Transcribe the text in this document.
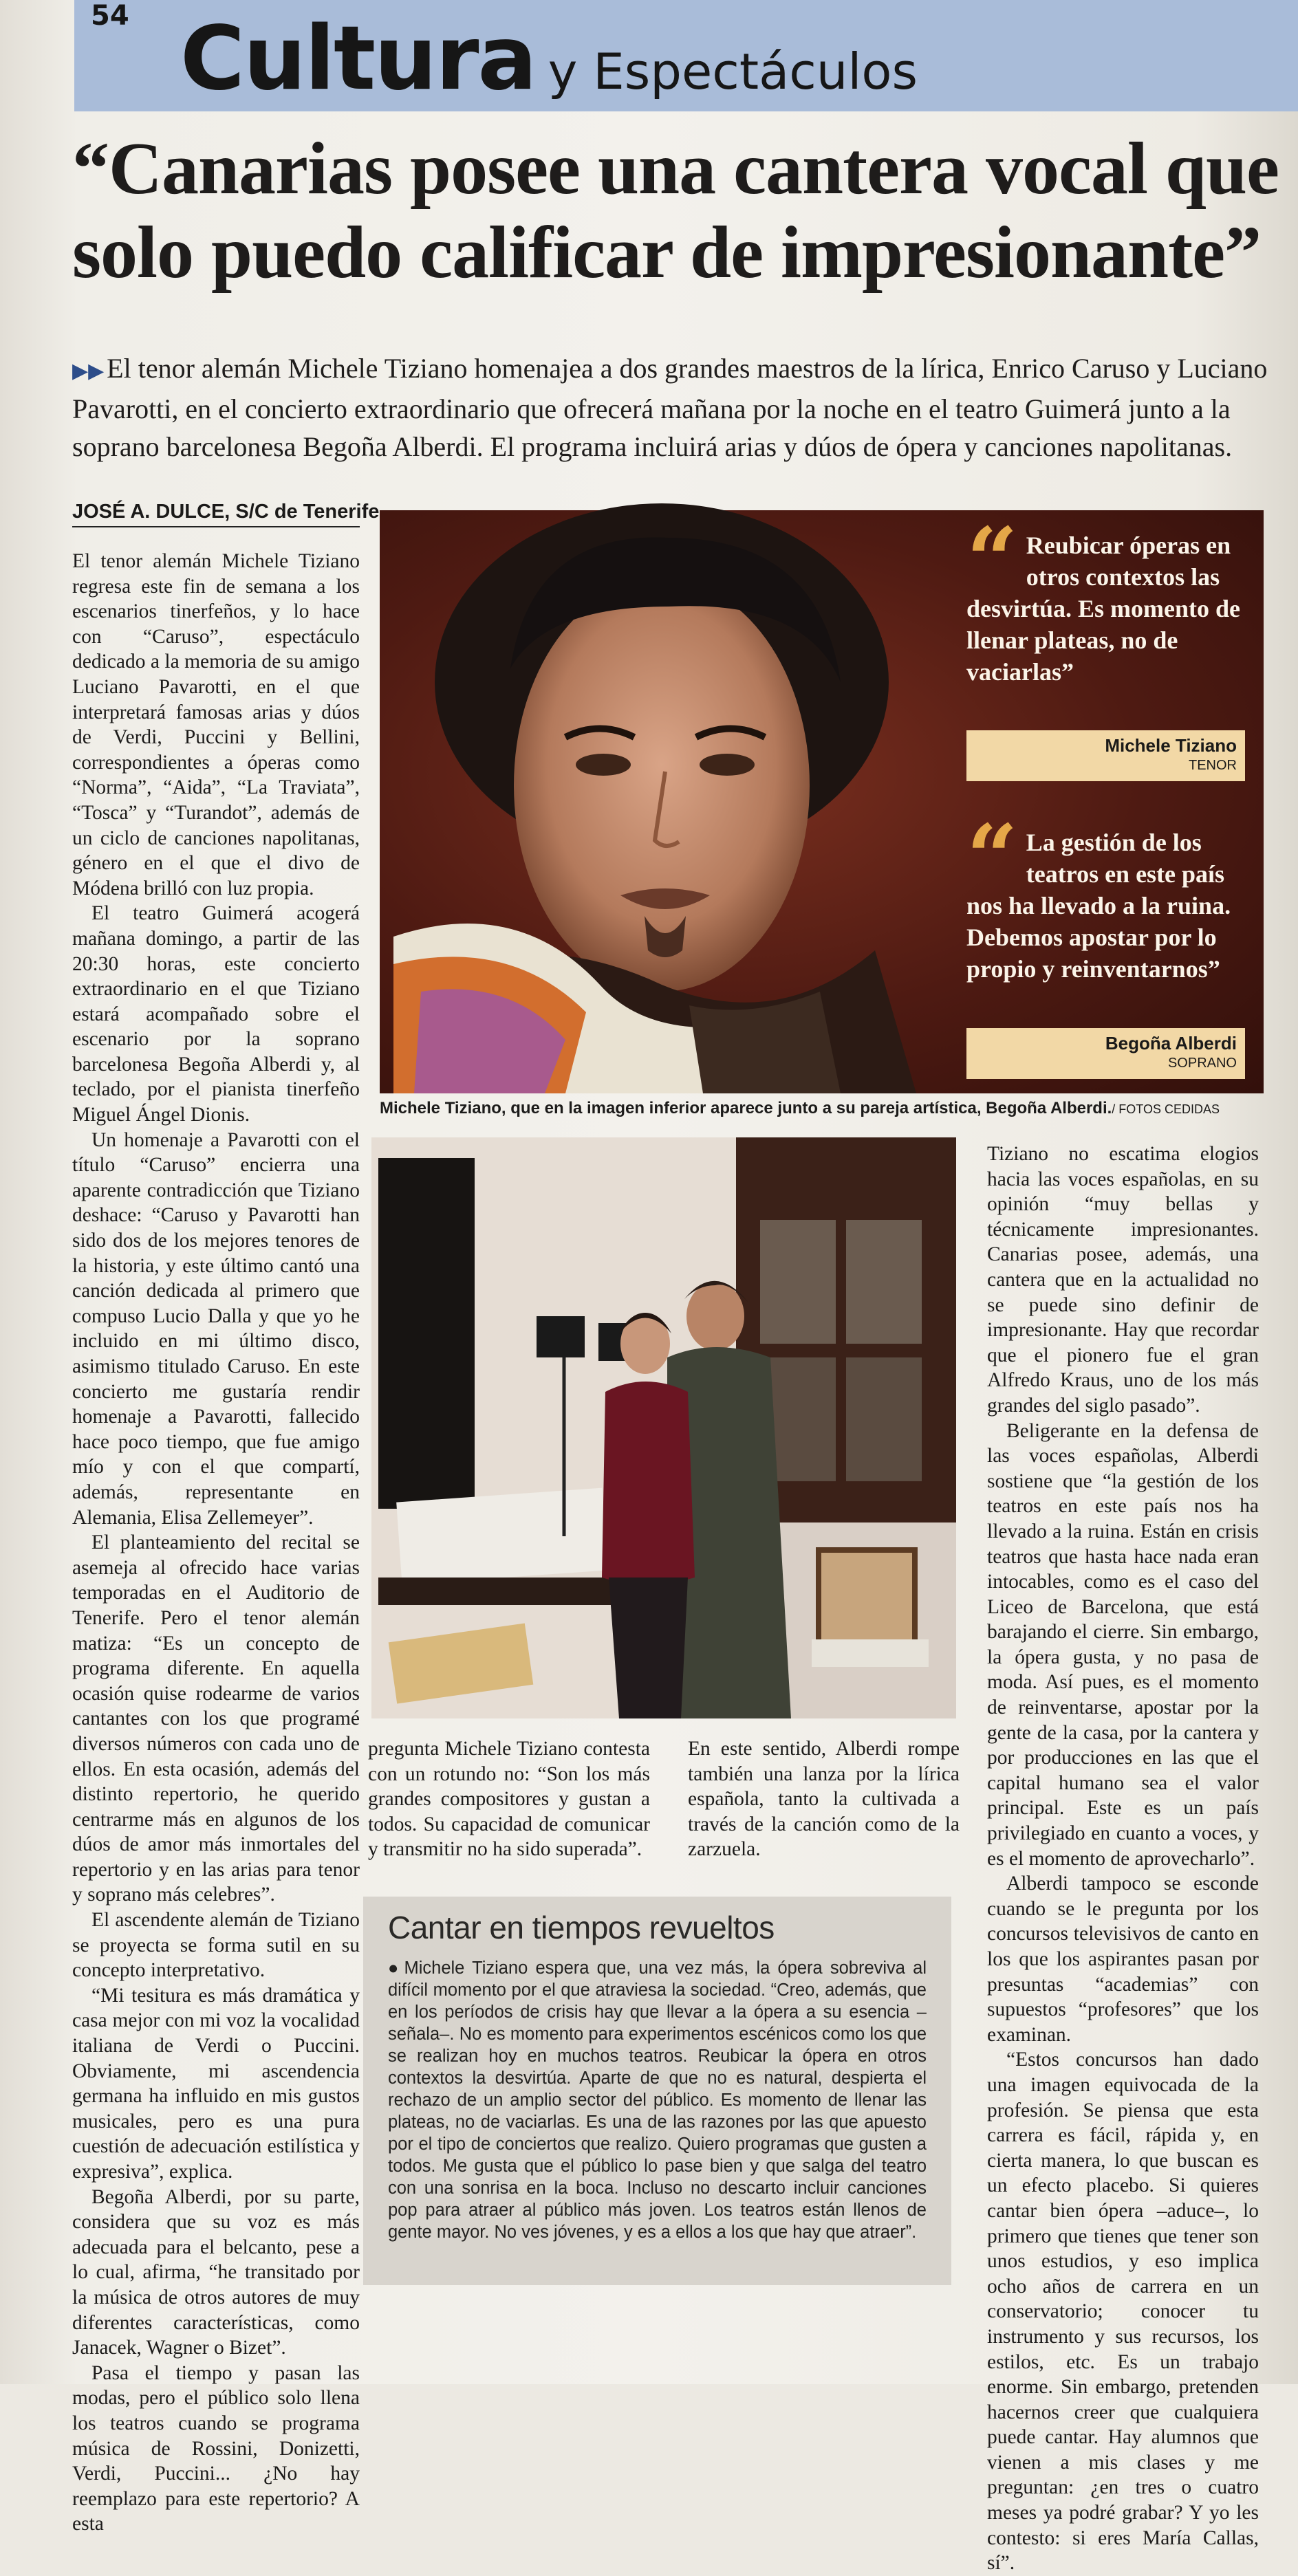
54 Cultura y Espectáculos
“Canarias posee una cantera vocal que solo puedo calificar de impresionante”
▶▶ El tenor alemán Michele Tiziano homenajea a dos grandes maestros de la lírica, Enrico Caruso y Luciano Pavarotti, en el concierto extraordinario que ofrecerá mañana por la noche en el teatro Guimerá junto a la soprano barcelonesa Begoña Alberdi. El programa incluirá arias y dúos de ópera y canciones napolitanas.
JOSÉ A. DULCE, S/C de Tenerife

El tenor alemán Michele Tiziano regresa este fin de semana a los escenarios tinerfeños, y lo hace con “Caruso”, espectáculo dedicado a la memoria de su amigo Luciano Pavarotti, en el que interpretará famosas arias y dúos de Verdi, Puccini y Bellini, correspondientes a óperas como “Norma”, “Aida”, “La Traviata”, “Tosca” y “Turandot”, además de un ciclo de canciones napolitanas, género en el que el divo de Módena brilló con luz propia.

El teatro Guimerá acogerá mañana domingo, a partir de las 20:30 horas, este concierto extraordinario en el que Tiziano estará acompañado sobre el escenario por la soprano barcelonesa Begoña Alberdi y, al teclado, por el pianista tinerfeño Miguel Ángel Dionis.

Un homenaje a Pavarotti con el título “Caruso” encierra una aparente contradicción que Tiziano deshace: “Caruso y Pavarotti han sido dos de los mejores tenores de la historia, y este último cantó una canción dedicada al primero que compuso Lucio Dalla y que yo he incluido en mi último disco, asimismo titulado Caruso. En este concierto me gustaría rendir homenaje a Pavarotti, fallecido hace poco tiempo, que fue amigo mío y con el que compartí, además, representante en Alemania, Elisa Zellemeyer”.

El planteamiento del recital se asemeja al ofrecido hace varias temporadas en el Auditorio de Tenerife. Pero el tenor alemán matiza: “Es un concepto de programa diferente. En aquella ocasión quise rodearme de varios cantantes con los que programé diversos números con cada uno de ellos. En esta ocasión, además del distinto repertorio, he querido centrarme más en algunos de los dúos de amor más inmortales del repertorio y en las arias para tenor y soprano más celebres”.

El ascendente alemán de Tiziano se proyecta se forma sutil en su concepto interpretativo.

“Mi tesitura es más dramática y casa mejor con mi voz la vocalidad italiana de Verdi o Puccini. Obviamente, mi ascendencia germana ha influido en mis gustos musicales, pero es una pura cuestión de adecuación estilística y expresiva”, explica.

Begoña Alberdi, por su parte, considera que su voz es más adecuada para el belcanto, pese a lo cual, afirma, “he transitado por la música de otros autores de muy diferentes características, como Janacek, Wagner o Bizet”.

Pasa el tiempo y pasan las modas, pero el público solo llena los teatros cuando se programa música de Rossini, Donizetti, Verdi, Puccini... ¿No hay reemplazo para este repertorio? A esta

“ Reubicar óperas en otros contextos las desvirtúa. Es momento de llenar plateas, no de vaciarlas”
Michele Tiziano
TENOR
“ La gestión de los teatros en este país nos ha llevado a la ruina. Debemos apostar por lo propio y reinventarnos”
Begoña Alberdi
SOPRANO
Michele Tiziano, que en la imagen inferior aparece junto a su pareja artística, Begoña Alberdi./ FOTOS CEDIDAS

pregunta Michele Tiziano contesta con un rotundo no: “Son los más grandes compositores y gustan a todos. Su capacidad de comunicar y transmitir no ha sido superada”.

En este sentido, Alberdi rompe también una lanza por la lírica española, tanto la cultivada a través de la canción como de la zarzuela.

Tiziano no escatima elogios hacia las voces españolas, en su opinión “muy bellas y técnicamente impresionantes. Canarias posee, además, una cantera que en la actualidad no se puede sino definir de impresionante. Hay que recordar que el pionero fue el gran Alfredo Kraus, uno de los más grandes del siglo pasado”.

Beligerante en la defensa de las voces españolas, Alberdi sostiene que “la gestión de los teatros en este país nos ha llevado a la ruina. Están en crisis teatros que hasta hace nada eran intocables, como es el caso del Liceo de Barcelona, que está barajando el cierre. Sin embargo, la ópera gusta, y no pasa de moda. Así pues, es el momento de reinventarse, apostar por la gente de la casa, por la cantera y por producciones en las que el capital humano sea el valor principal. Este es un país privilegiado en cuanto a voces, y es el momento de aprovecharlo”.

Alberdi tampoco se esconde cuando se le pregunta por los concursos televisivos de canto en los que los aspirantes pasan por presuntas “academias” con supuestos “profesores” que los examinan.

“Estos concursos han dado una imagen equivocada de la profesión. Se piensa que esta carrera es fácil, rápida y, en cierta manera, lo que buscan es un efecto placebo. Si quieres cantar bien ópera –aduce–, lo primero que tienes que tener son unos estudios, y eso implica ocho años de carrera en un conservatorio; conocer tu instrumento y sus recursos, los estilos, etc. Es un trabajo enorme. Sin embargo, pretenden hacernos creer que cualquiera puede cantar. Hay alumnos que vienen a mis clases y me preguntan: ¿en tres o cuatro meses ya podré grabar? Y yo les contesto: si eres María Callas, sí”.

Cantar en tiempos revueltos
● Michele Tiziano espera que, una vez más, la ópera sobreviva al difícil momento por el que atraviesa la sociedad. “Creo, además, que en los períodos de crisis hay que llevar a la ópera a su esencia –señala–. No es momento para experimentos escénicos como los que se realizan hoy en muchos teatros. Reubicar la ópera en otros contextos la desvirtúa. Aparte de que no es natural, despierta el rechazo de un amplio sector del público. Es momento de llenar las plateas, no de vaciarlas. Es una de las razones por las que apuesto por el tipo de conciertos que realizo. Quiero programas que gusten a todos. Me gusta que el público lo pase bien y que salga del teatro con una sonrisa en la boca. Incluso no descarto incluir canciones pop para atraer al público más joven. Los teatros están llenos de gente mayor. No ves jóvenes, y es a ellos a los que hay que atraer”.
